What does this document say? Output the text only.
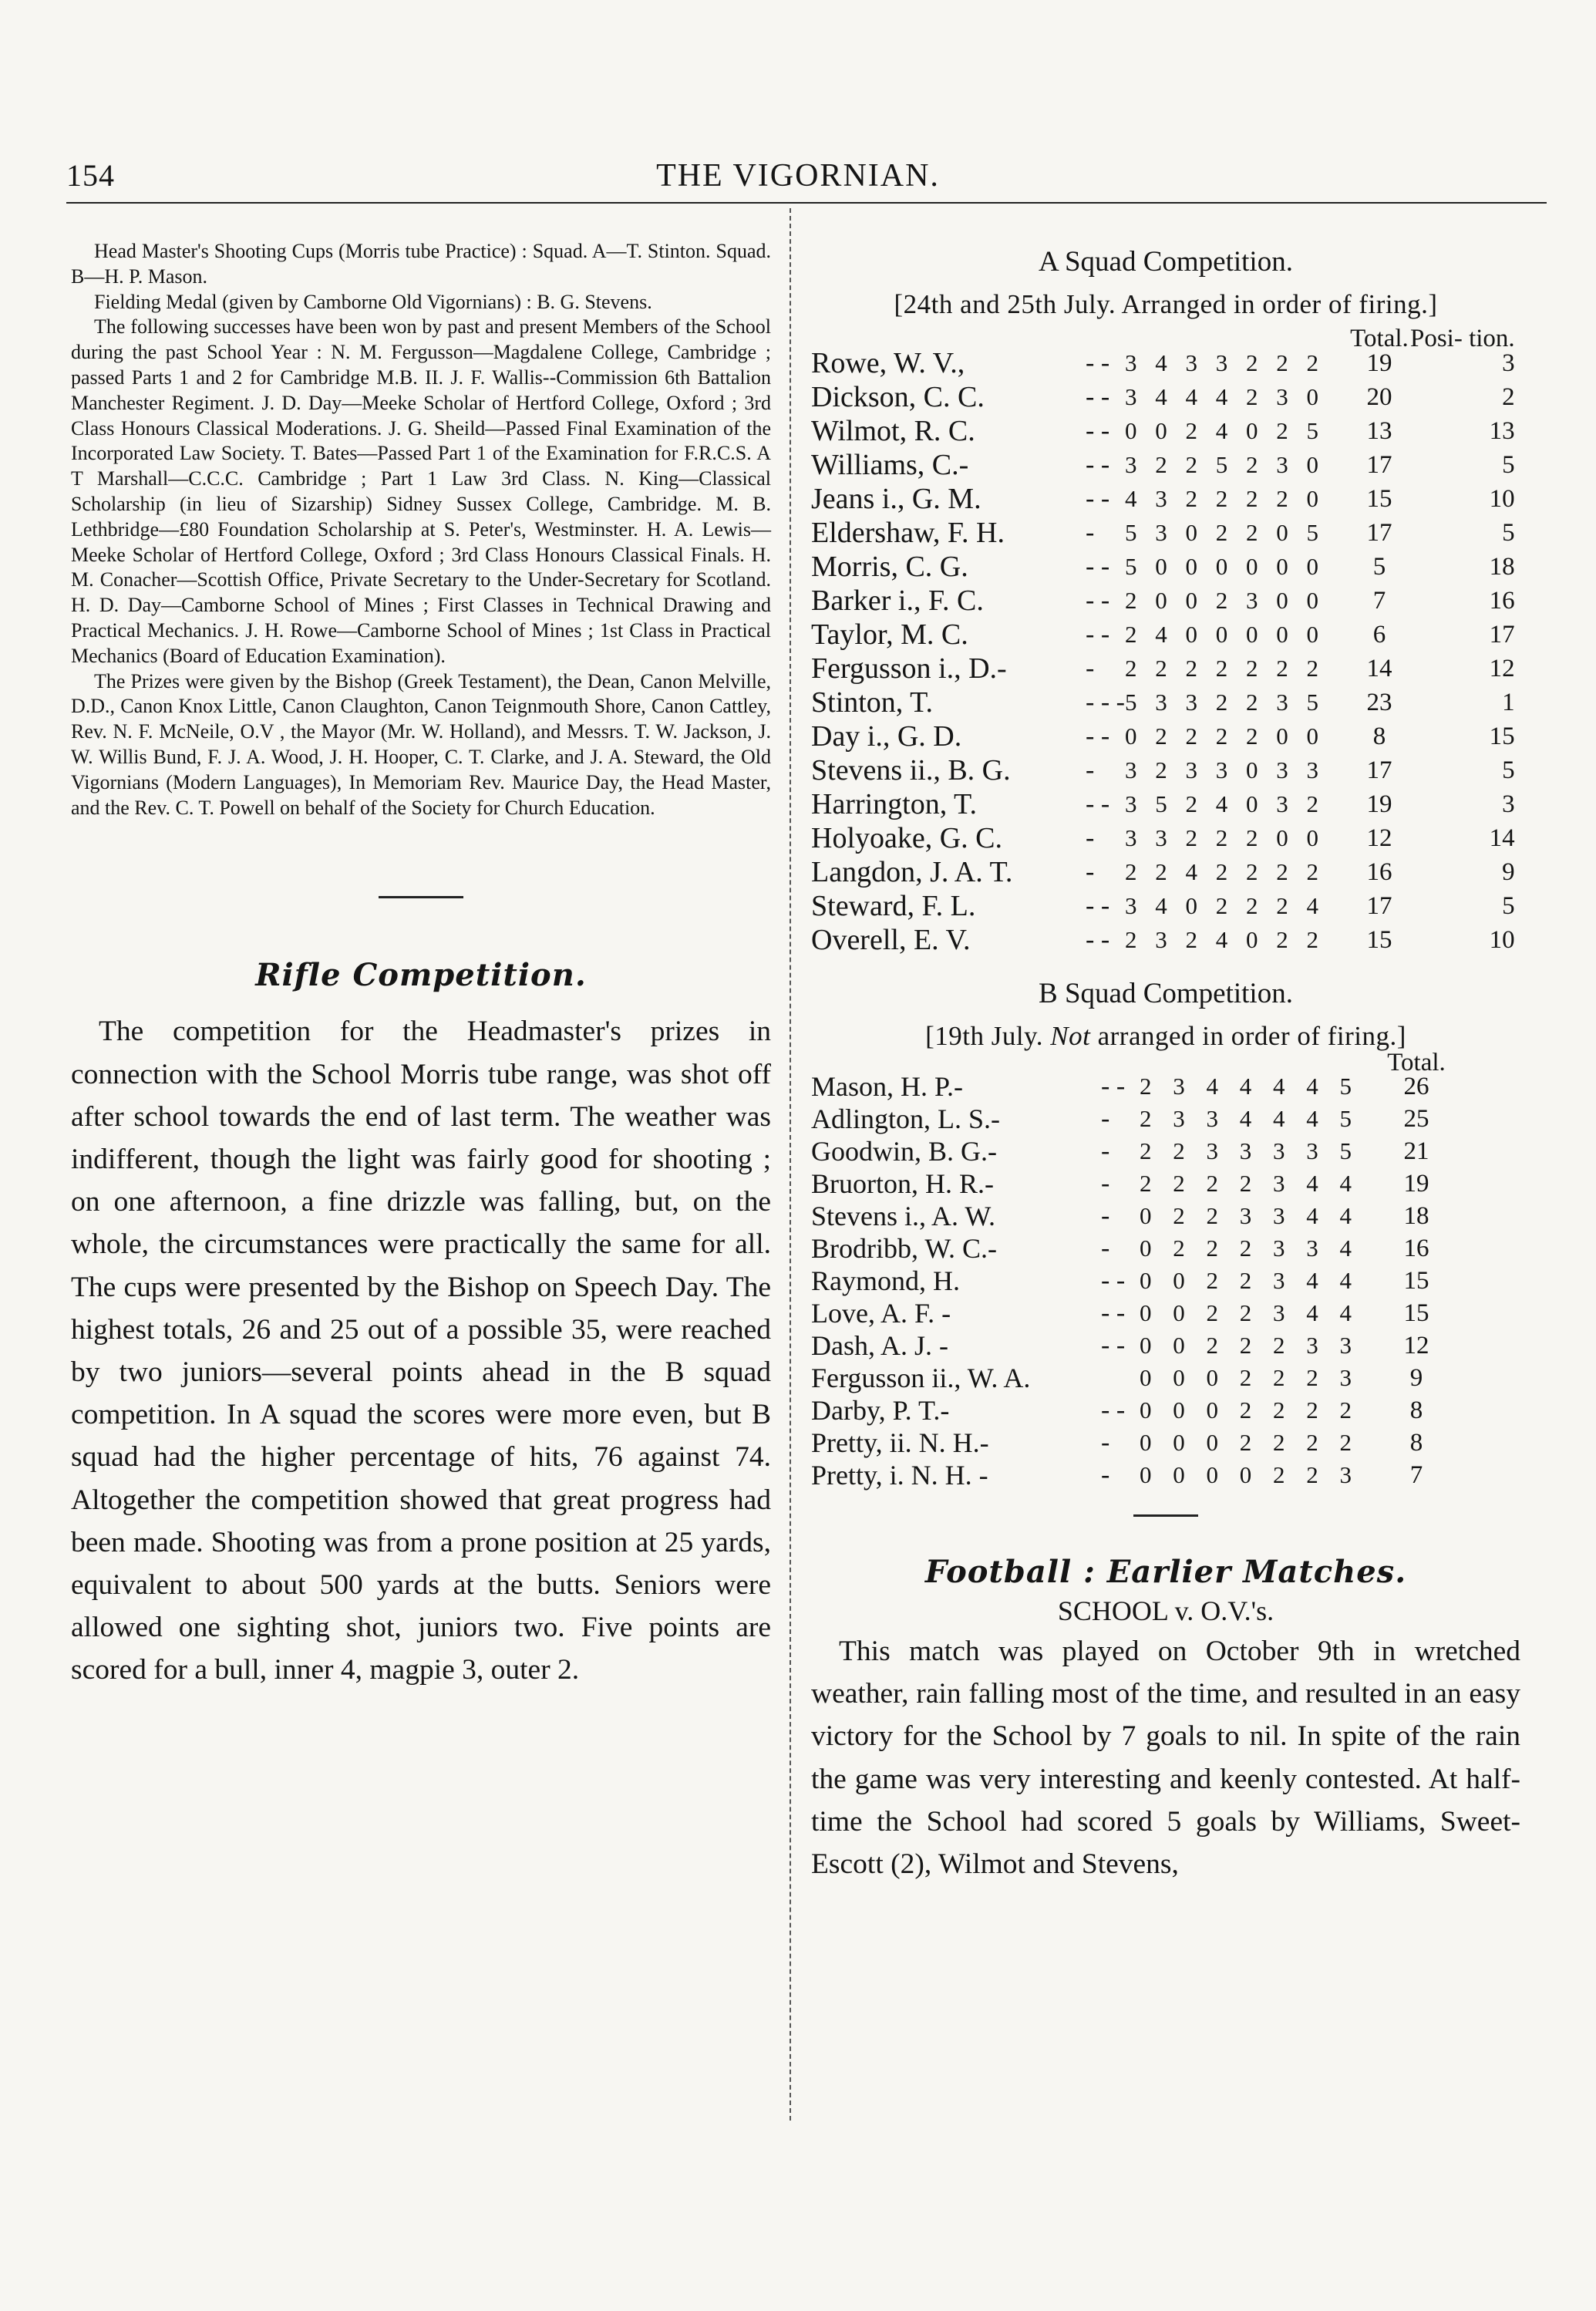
154	THE VIGORNIAN.

Head Master's Shooting Cups (Morris tube Practice) : Squad. A—T. Stinton. Squad. B—H. P. Mason.

Fielding Medal (given by Camborne Old Vigornians) : B. G. Stevens.

The following successes have been won by past and present Members of the School during the past School Year : N. M. Fergusson—Magdalene College, Cambridge ; passed Parts 1 and 2 for Cambridge M.B. II. J. F. Wallis--Commission 6th Battalion Manchester Regiment. J. D. Day—Meeke Scholar of Hertford College, Oxford ; 3rd Class Honours Classical Moderations. J. G. Sheild—Passed Final Examination of the Incorporated Law Society. T. Bates—Passed Part 1 of the Examination for F.R.C.S. A T Marshall—C.C.C. Cambridge ; Part 1 Law 3rd Class. N. King—Classical Scholarship (in lieu of Sizarship) Sidney Sussex College, Cambridge. M. B. Lethbridge—£80 Foundation Scholarship at S. Peter's, Westminster. H. A. Lewis—Meeke Scholar of Hertford College, Oxford ; 3rd Class Honours Classical Finals. H. M. Conacher—Scottish Office, Private Secretary to the Under-Secretary for Scotland. H. D. Day—Camborne School of Mines ; First Classes in Technical Drawing and Practical Mechanics. J. H. Rowe—Camborne School of Mines ; 1st Class in Practical Mechanics (Board of Education Examination).

The Prizes were given by the Bishop (Greek Testament), the Dean, Canon Melville, D.D., Canon Knox Little, Canon Claughton, Canon Teignmouth Shore, Canon Cattley, Rev. N. F. McNeile, O.V , the Mayor (Mr. W. Holland), and Messrs. T. W. Jackson, J. W. Willis Bund, F. J. A. Wood, J. H. Hooper, C. T. Clarke, and J. A. Steward, the Old Vigornians (Modern Languages), In Memoriam Rev. Maurice Day, the Head Master, and the Rev. C. T. Powell on behalf of the Society for Church Education.

Rifle Competition.

The competition for the Headmaster's prizes in connection with the School Morris tube range, was shot off after school towards the end of last term. The weather was indifferent, though the light was fairly good for shooting ; on one afternoon, a fine drizzle was falling, but, on the whole, the circumstances were practically the same for all. The cups were presented by the Bishop on Speech Day. The highest totals, 26 and 25 out of a possible 35, were reached by two juniors—several points ahead in the B squad competition. In A squad the scores were more even, but B squad had the higher percentage of hits, 76 against 74. Altogether the competition showed that great progress had been made. Shooting was from a prone position at 25 yards, equivalent to about 500 yards at the butts. Seniors were allowed one sighting shot, juniors two. Five points are scored for a bull, inner 4, magpie 3, outer 2.

A Squad Competition.
[24th and 25th July. Arranged in order of firing.]
			Total.	Posi- tion.
Rowe, W. V.,	- -	3 4 3 3 2 2 2	19	3
Dickson, C. C.	- -	3 4 4 4 2 3 0	20	2
Wilmot, R. C.	- -	0 0 2 4 0 2 5	13	13
Williams, C.-	- -	3 2 2 5 2 3 0	17	5
Jeans i., G. M.	- -	4 3 2 2 2 2 0	15	10
Eldershaw, F. H.	-	5 3 0 2 2 0 5	17	5
Morris, C. G.	- -	5 0 0 0 0 0 0	5	18
Barker i., F. C.	- -	2 0 0 2 3 0 0	7	16
Taylor, M. C.	- -	2 4 0 0 0 0 0	6	17
Fergusson i., D.-	-	2 2 2 2 2 2 2	14	12
Stinton, T.	- - -	5 3 3 2 2 3 5	23	1
Day i., G. D.	- -	0 2 2 2 2 0 0	8	15
Stevens ii., B. G.	-	3 2 3 3 0 3 3	17	5
Harrington, T.	- -	3 5 2 4 0 3 2	19	3
Holyoake, G. C.	-	3 3 2 2 2 0 0	12	14
Langdon, J. A. T.	-	2 2 4 2 2 2 2	16	9
Steward, F. L.	- -	3 4 0 2 2 2 4	17	5
Overell, E. V.	- -	2 3 2 4 0 2 2	15	10
B Squad Competition.
[19th July. Not arranged in order of firing.]
			Total.
Mason, H. P.-	- -	2 3 4 4 4 4 5	26
Adlington, L. S.-	-	2 3 3 4 4 4 5	25
Goodwin, B. G.-	-	2 2 3 3 3 3 5	21
Bruorton, H. R.-	-	2 2 2 2 3 4 4	19
Stevens i., A. W.	-	0 2 2 3 3 4 4	18
Brodribb, W. C.-	-	0 2 2 2 3 3 4	16
Raymond, H.	- -	0 0 2 2 3 4 4	15
Love, A. F. -	- -	0 0 2 2 3 4 4	15
Dash, A. J. -	- -	0 0 2 2 2 3 3	12
Fergusson ii., W. A.		0 0 0 2 2 2 3	9
Darby, P. T.-	- -	0 0 0 2 2 2 2	8
Pretty, ii. N. H.-	-	0 0 0 2 2 2 2	8
Pretty, i. N. H. -	-	0 0 0 0 2 2 3	7
Football : Earlier Matches.
SCHOOL v. O.V.'s.

This match was played on October 9th in wretched weather, rain falling most of the time, and resulted in an easy victory for the School by 7 goals to nil. In spite of the rain the game was very interesting and keenly contested. At half-time the School had scored 5 goals by Williams, Sweet-Escott (2), Wilmot and Stevens,
